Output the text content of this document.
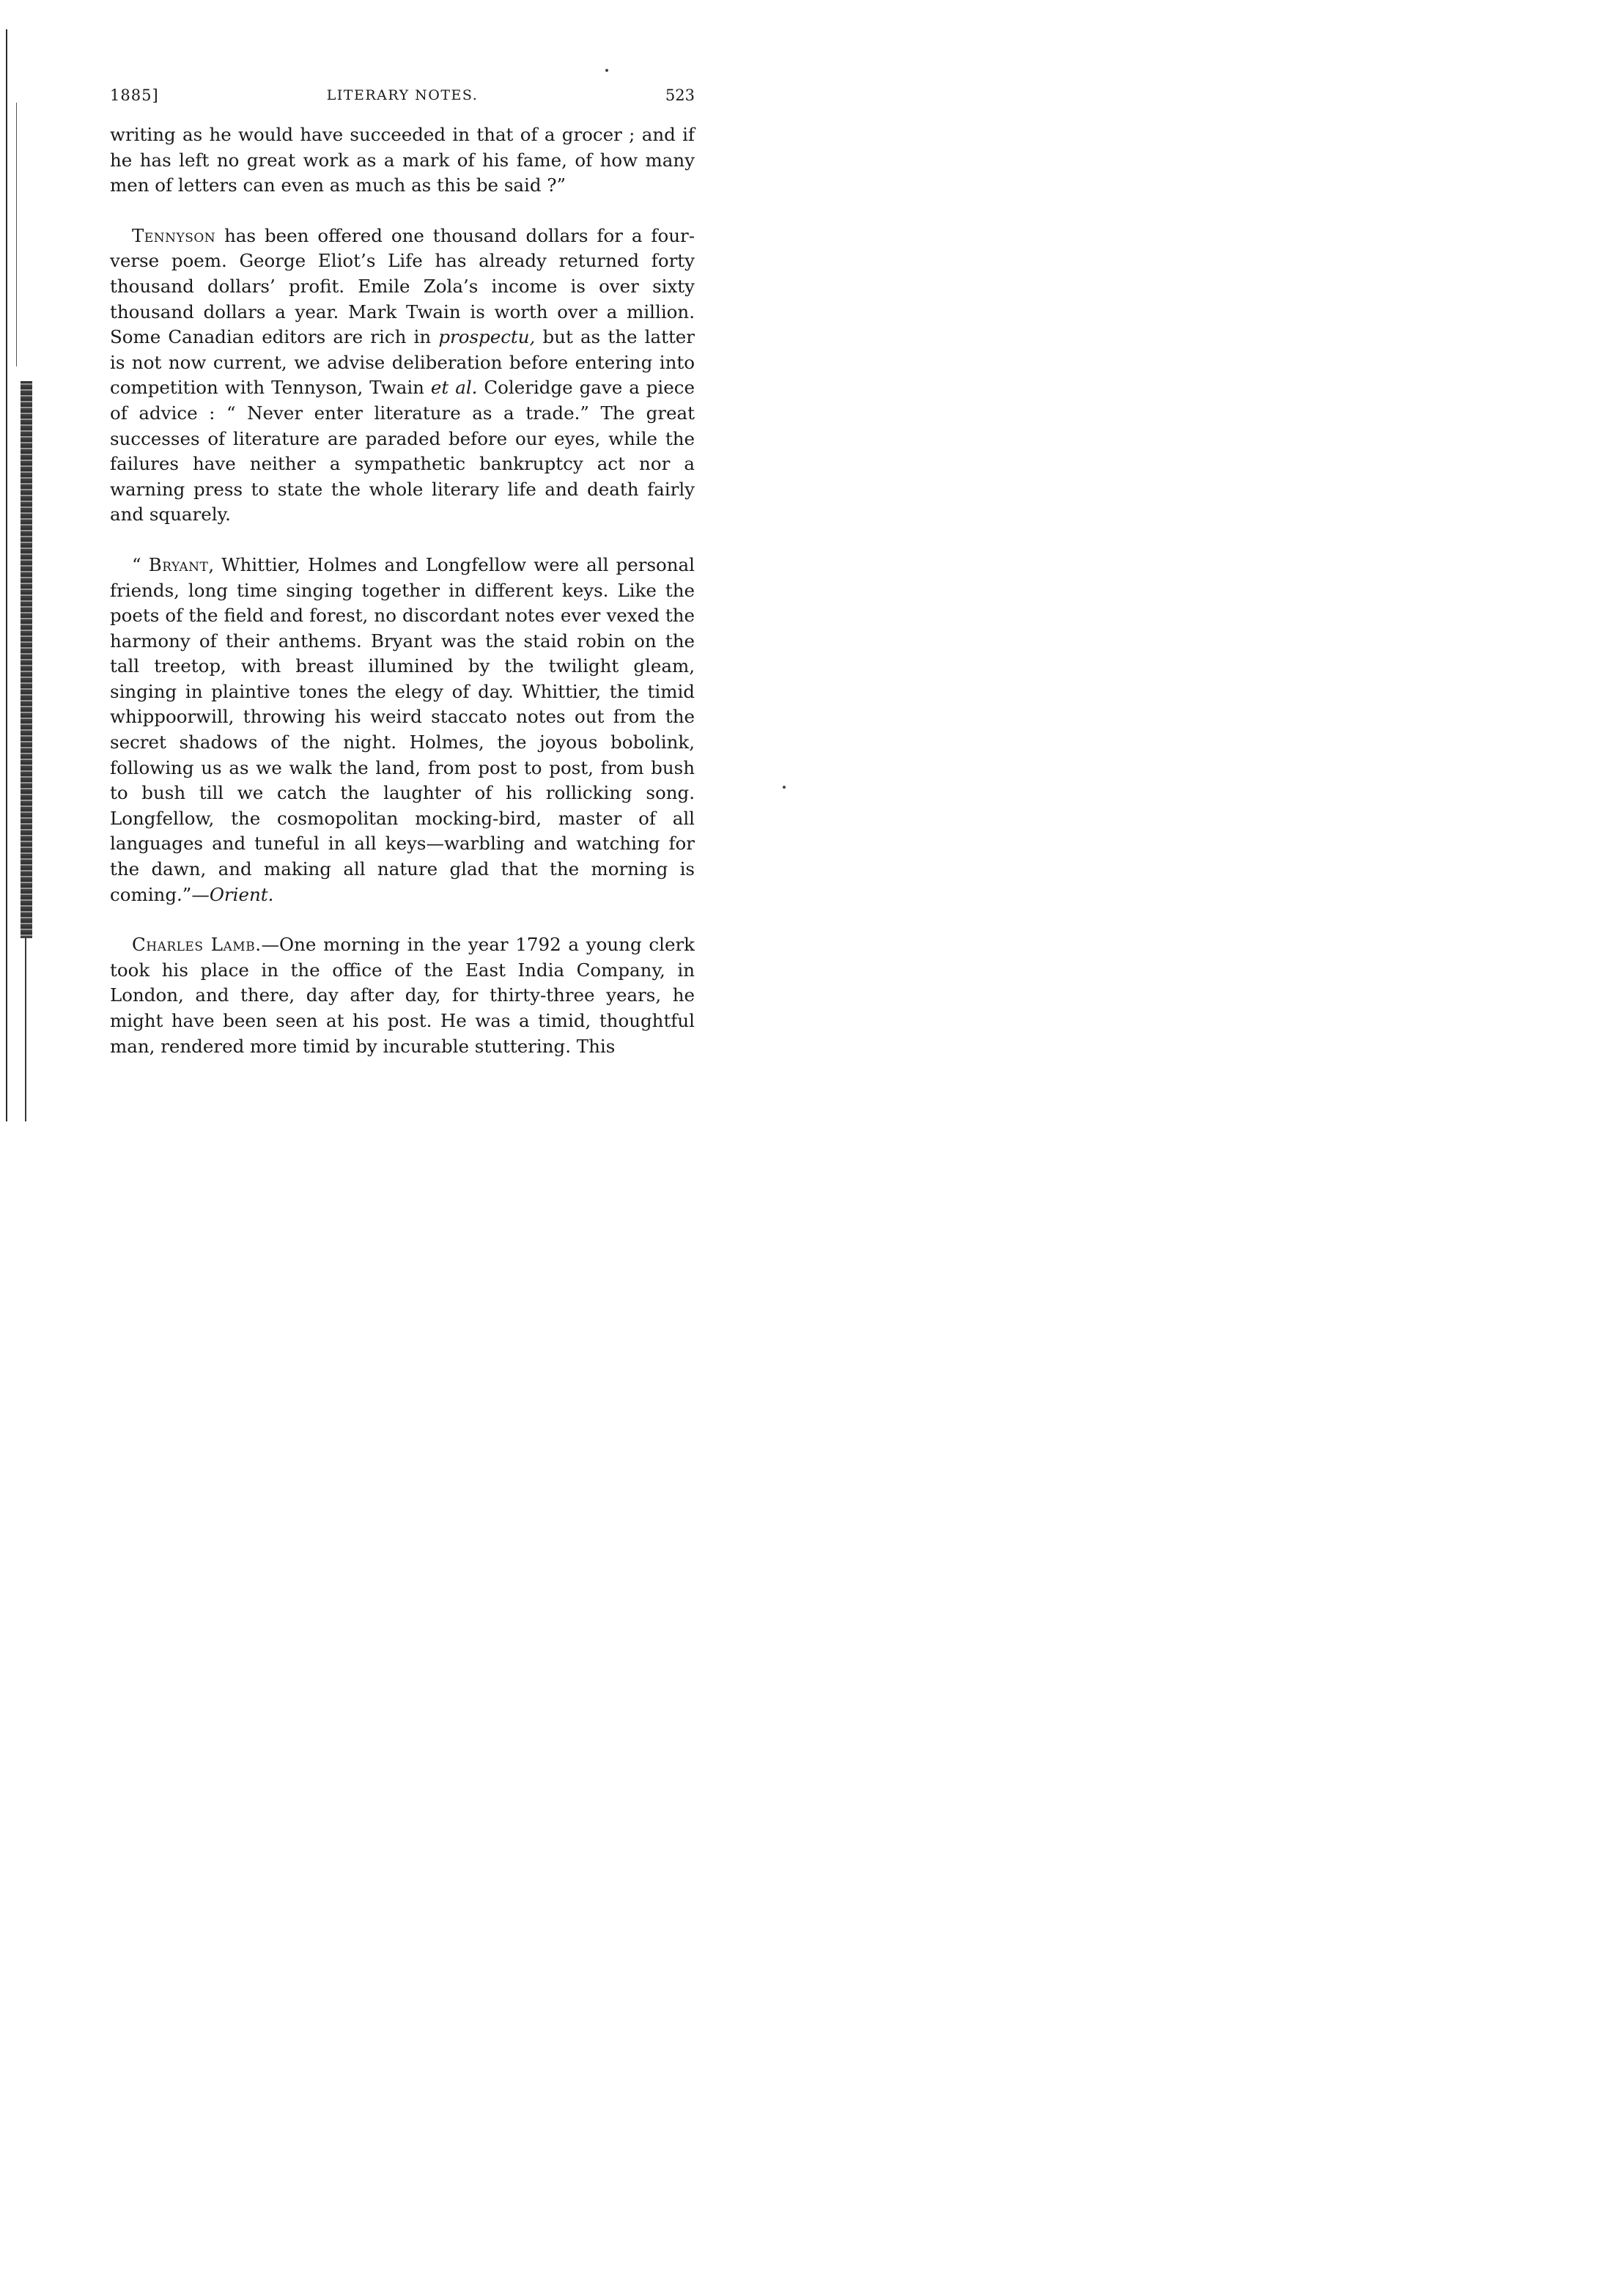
1885]	LITERARY NOTES.	523

writing as he would have succeeded in that of a grocer ; and if he has left no great work as a mark of his fame, of how many men of letters can even as much as this be said ?”

Tennyson has been offered one thousand dollars for a four-verse poem. George Eliot’s Life has already returned forty thousand dollars’ profit. Emile Zola’s income is over sixty thousand dollars a year. Mark Twain is worth over a million. Some Canadian editors are rich in prospectu, but as the latter is not now current, we advise deliberation before entering into competition with Tennyson, Twain et al. Coleridge gave a piece of advice : “ Never enter literature as a trade.” The great successes of literature are paraded before our eyes, while the failures have neither a sympathetic bankruptcy act nor a warning press to state the whole literary life and death fairly and squarely.

“ Bryant, Whittier, Holmes and Longfellow were all personal friends, long time singing together in different keys. Like the poets of the field and forest, no discordant notes ever vexed the harmony of their anthems. Bryant was the staid robin on the tall treetop, with breast illumined by the twilight gleam, singing in plaintive tones the elegy of day. Whittier, the timid whippoorwill, throwing his weird staccato notes out from the secret shadows of the night. Holmes, the joyous bobolink, following us as we walk the land, from post to post, from bush to bush till we catch the laughter of his rollicking song. Longfellow, the cosmopolitan mocking-bird, master of all languages and tuneful in all keys—warbling and watching for the dawn, and making all nature glad that the morning is coming.”—Orient.

Charles Lamb.—One morning in the year 1792 a young clerk took his place in the office of the East India Company, in London, and there, day after day, for thirty-three years, he might have been seen at his post. He was a timid, thoughtful man, rendered more timid by incurable stuttering. This
